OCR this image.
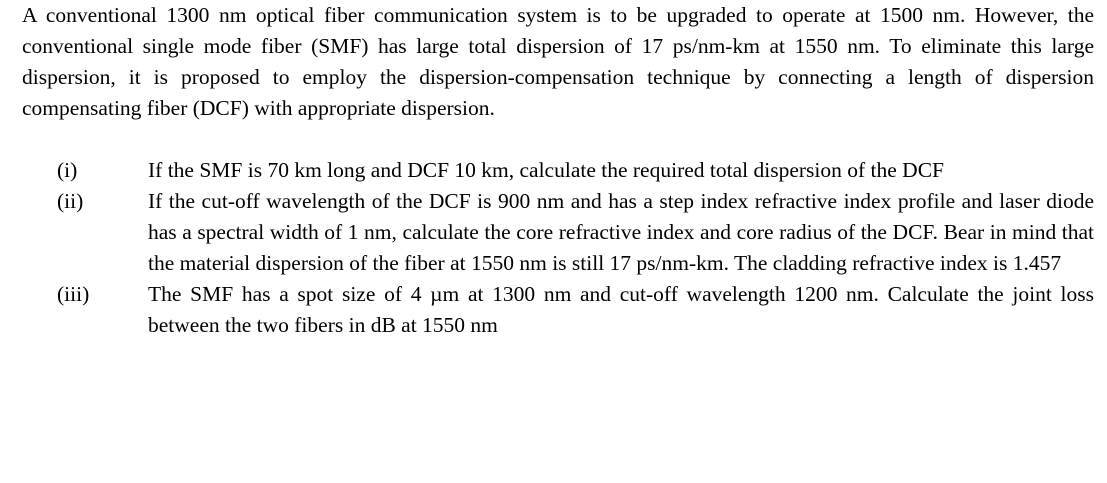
A conventional 1300 nm optical fiber communication system is to be upgraded to operate at 1500 nm. However, the conventional single mode fiber (SMF) has large total dispersion of 17 ps/nm-km at 1550 nm. To eliminate this large dispersion, it is proposed to employ the dispersion-compensation technique by connecting a length of dispersion compensating fiber (DCF) with appropriate dispersion.

(i)	If the SMF is 70 km long and DCF 10 km, calculate the required total dispersion of the DCF
(ii)	If the cut-off wavelength of the DCF is 900 nm and has a step index refractive index profile and laser diode has a spectral width of 1 nm, calculate the core refractive index and core radius of the DCF. Bear in mind that the material dispersion of the fiber at 1550 nm is still 17 ps/nm-km. The cladding refractive index is 1.457
(iii)	The SMF has a spot size of 4 µm at 1300 nm and cut-off wavelength 1200 nm. Calculate the joint loss between the two fibers in dB at 1550 nm
